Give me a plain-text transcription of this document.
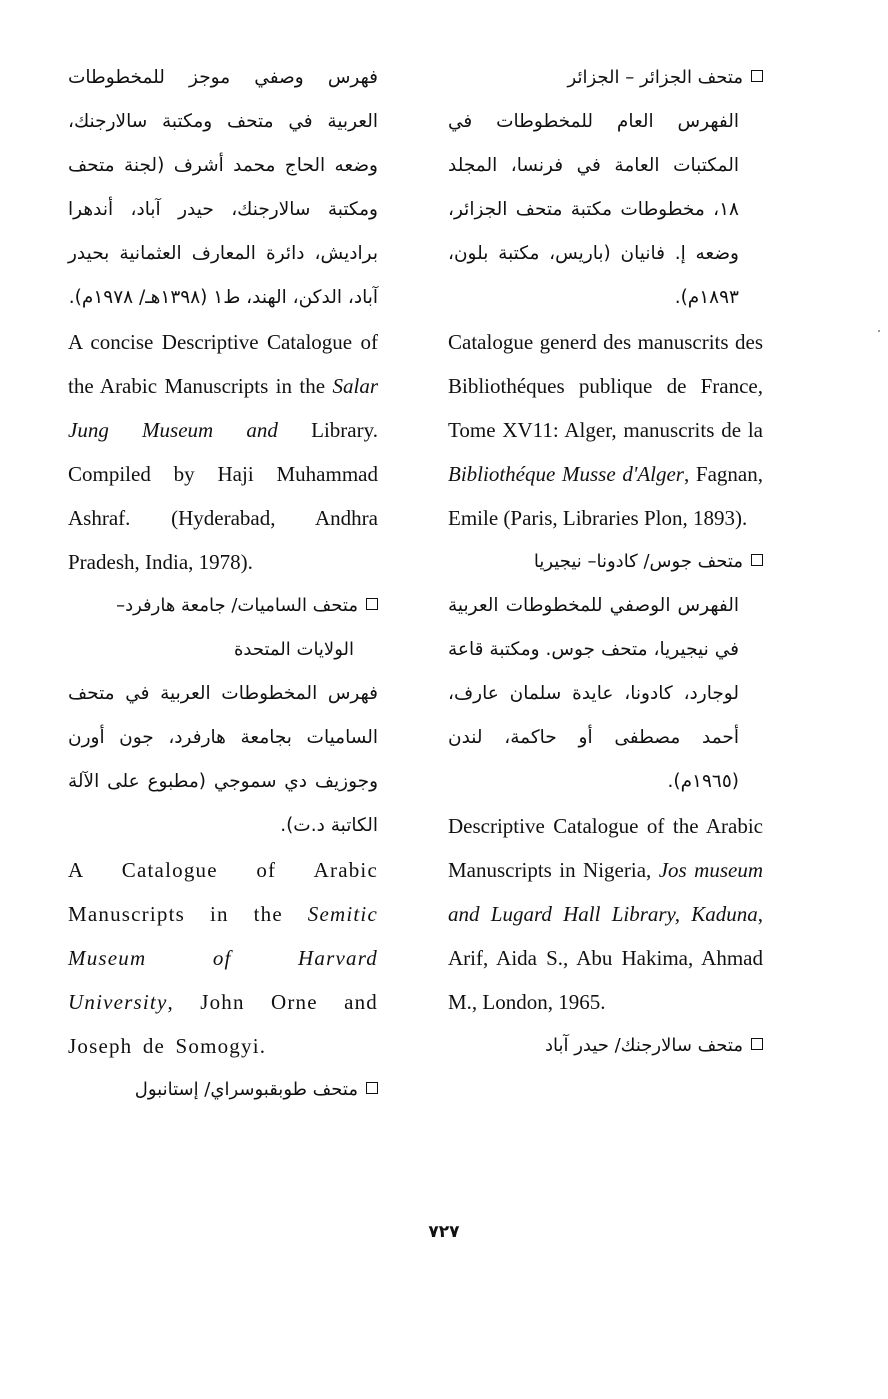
متحف الجزائر – الجزائر

الفهرس العام للمخطوطات في المكتبات العامة في فرنسا، المجلد ١٨، مخطوطات مكتبة متحف الجزائر، وضعه إ. فانيان (باريس، مكتبة بلون، ١٨٩٣م).

Catalogue generd des manuscrits des Bibliothéques publique de France, Tome XV11: Alger, manuscrits de la Bibliothéque Musse d'Alger, Fagnan, Emile (Paris, Libraries Plon, 1893).

متحف جوس/ كادونا– نيجيريا

الفهرس الوصفي للمخطوطات العربية في نيجيريا، متحف جوس. ومكتبة قاعة لوجارد، كادونا، عايدة سلمان عارف، أحمد مصطفى أو حاكمة، لندن (١٩٦٥م).

Descriptive Catalogue of the Arabic Manuscripts in Nigeria, Jos museum and Lugard Hall Library, Kaduna, Arif, Aida S., Abu Hakima, Ahmad M., London, 1965.

متحف سالارجنك/ حيدر آباد

فهرس وصفي موجز للمخطوطات العربية في متحف ومكتبة سالارجنك، وضعه الحاج محمد أشرف (لجنة متحف ومكتبة سالارجنك، حيدر آباد، أندهرا براديش، دائرة المعارف العثمانية بحيدر آباد، الدكن، الهند، ط١ (١٣٩٨هـ/ ١٩٧٨م).

A concise Descriptive Catalogue of the Arabic Manuscripts in the Salar Jung Museum and Library. Compiled by Haji Muhammad Ashraf. (Hyderabad, Andhra Pradesh, India, 1978).

متحف الساميات/ جامعة هارفرد–

الولايات المتحدة

فهرس المخطوطات العربية في متحف الساميات بجامعة هارفرد، جون أورن وجوزيف دي سموجي (مطبوع على الآلة الكاتبة د.ت).

A Catalogue of Arabic Manuscripts in the Semitic Museum of Harvard University, John Orne and Joseph de Somogyi.

متحف طوبقبوسراي/ إستانبول

٧٢٧
